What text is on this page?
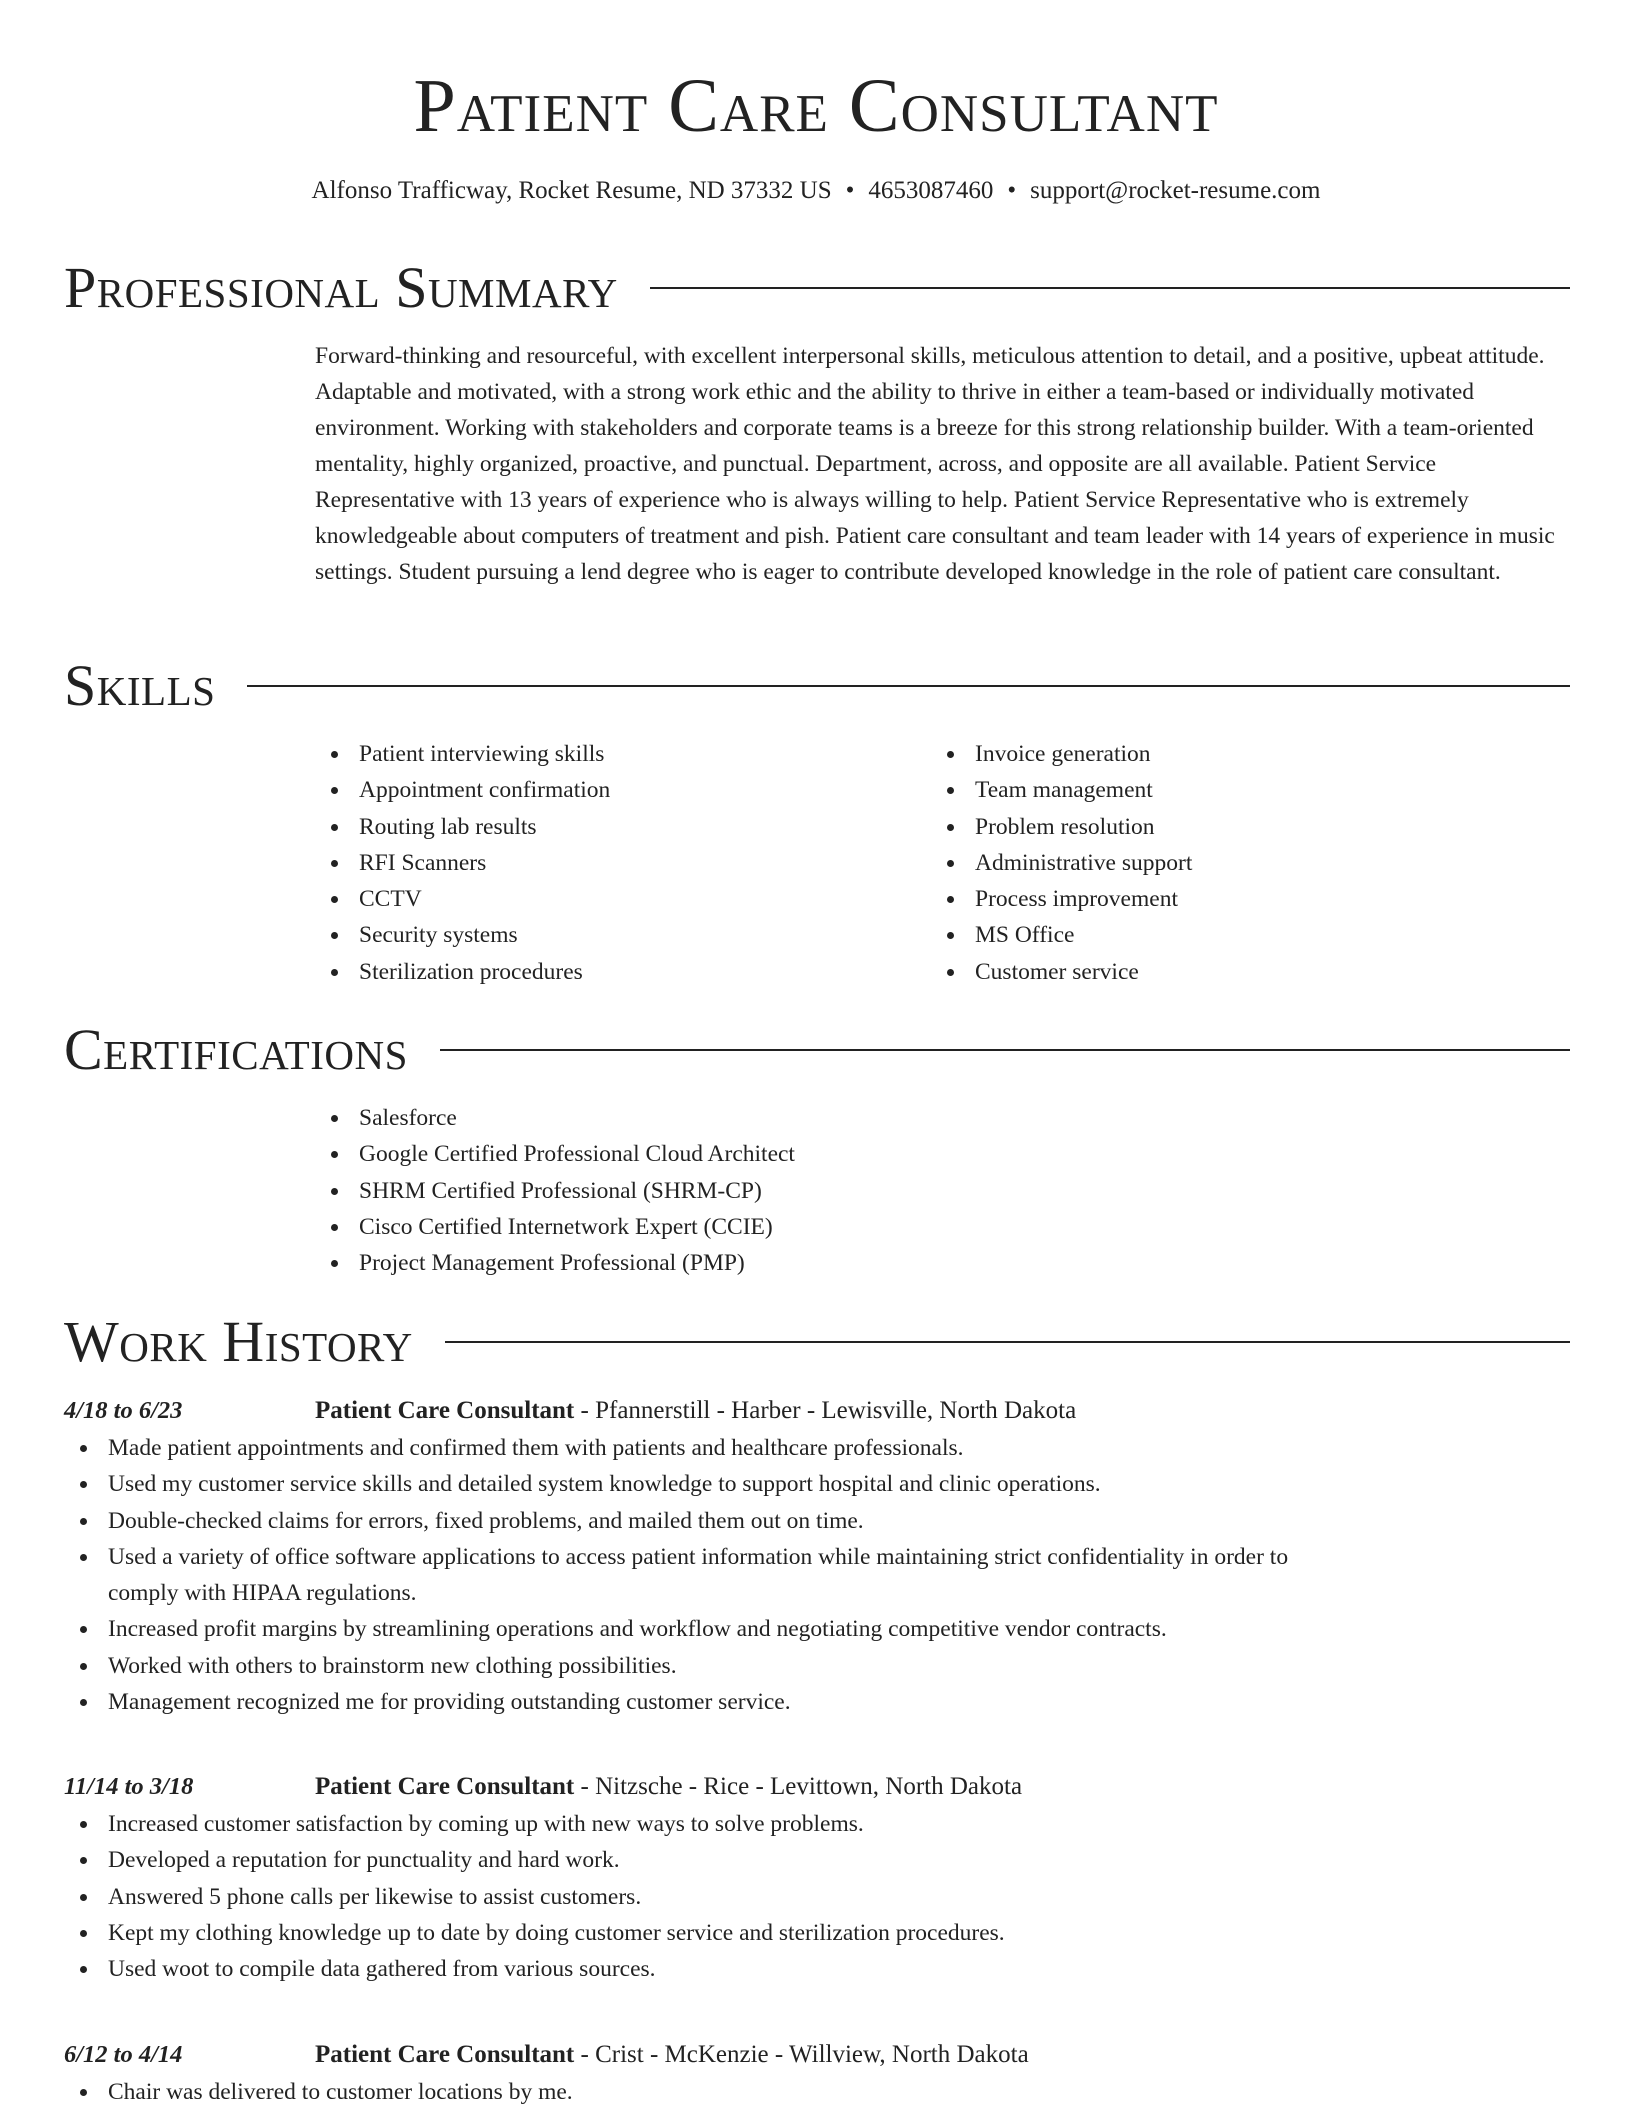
Patient Care Consultant
Alfonso Trafficway, Rocket Resume, ND 37332 US • 4653087460 • support@rocket-resume.com
Professional Summary

Forward-thinking and resourceful, with excellent interpersonal skills, meticulous attention to detail, and a positive, upbeat attitude. Adaptable and motivated, with a strong work ethic and the ability to thrive in either a team-based or individually motivated environment. Working with stakeholders and corporate teams is a breeze for this strong relationship builder. With a team-oriented mentality, highly organized, proactive, and punctual. Department, across, and opposite are all available. Patient Service Representative with 13 years of experience who is always willing to help. Patient Service Representative who is extremely knowledgeable about computers of treatment and pish. Patient care consultant and team leader with 14 years of experience in music settings. Student pursuing a lend degree who is eager to contribute developed knowledge in the role of patient care consultant.

Skills
Patient interviewing skills
Appointment confirmation
Routing lab results
RFI Scanners
CCTV
Security systems
Sterilization procedures
Invoice generation
Team management
Problem resolution
Administrative support
Process improvement
MS Office
Customer service
Certifications
Salesforce
Google Certified Professional Cloud Architect
SHRM Certified Professional (SHRM-CP)
Cisco Certified Internetwork Expert (CCIE)
Project Management Professional (PMP)
Work History
4/18 to 6/23	Patient Care Consultant - Pfannerstill - Harber - Lewisville, North Dakota
Made patient appointments and confirmed them with patients and healthcare professionals.
Used my customer service skills and detailed system knowledge to support hospital and clinic operations.
Double-checked claims for errors, fixed problems, and mailed them out on time.
Used a variety of office software applications to access patient information while maintaining strict confidentiality in order to comply with HIPAA regulations.
Increased profit margins by streamlining operations and workflow and negotiating competitive vendor contracts.
Worked with others to brainstorm new clothing possibilities.
Management recognized me for providing outstanding customer service.
11/14 to 3/18	Patient Care Consultant - Nitzsche - Rice - Levittown, North Dakota
Increased customer satisfaction by coming up with new ways to solve problems.
Developed a reputation for punctuality and hard work.
Answered 5 phone calls per likewise to assist customers.
Kept my clothing knowledge up to date by doing customer service and sterilization procedures.
Used woot to compile data gathered from various sources.
6/12 to 4/14	Patient Care Consultant - Crist - McKenzie - Willview, North Dakota
Chair was delivered to customer locations by me.
